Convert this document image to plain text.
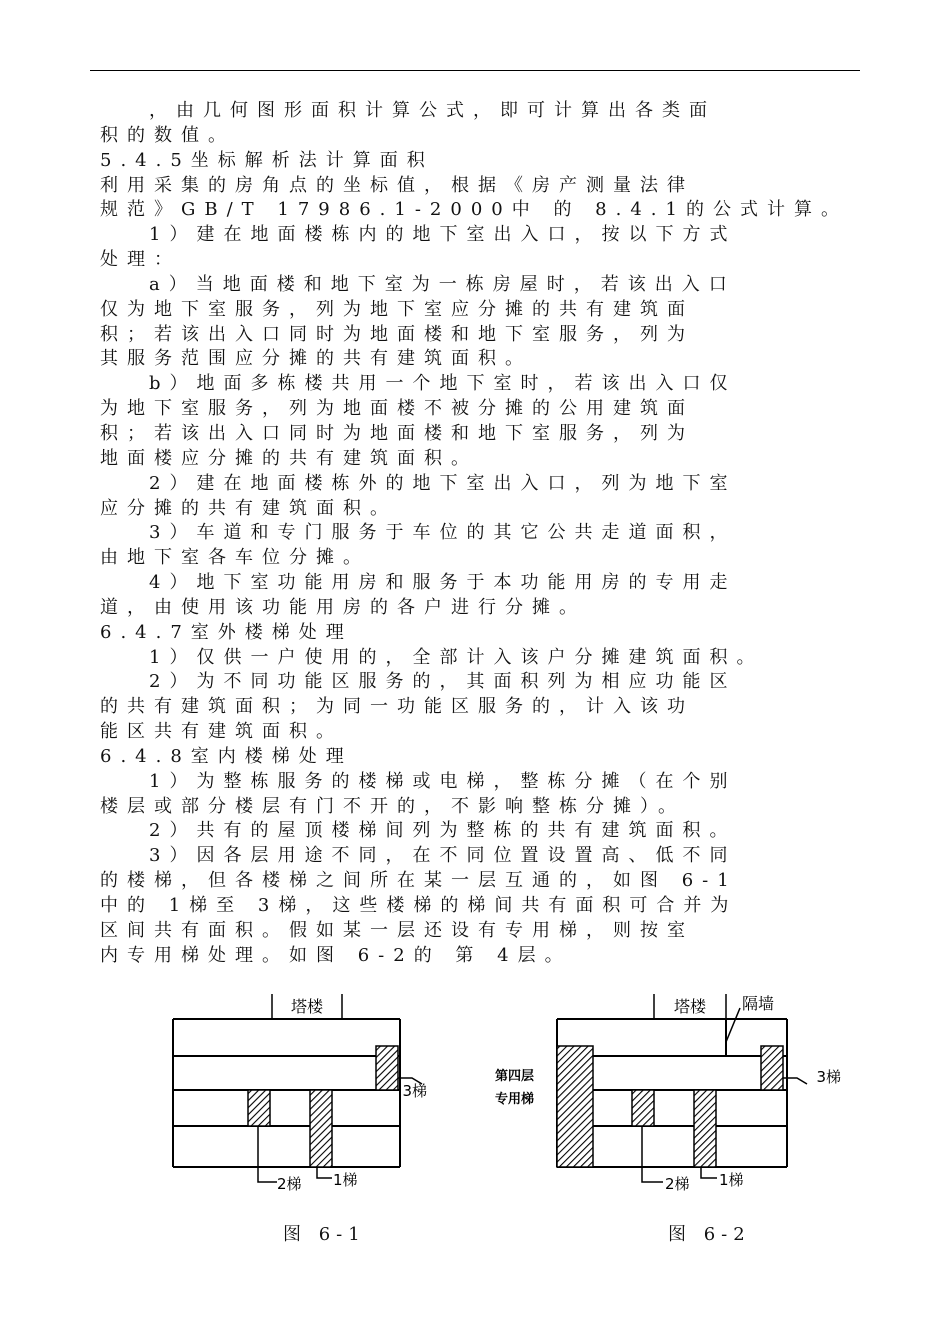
，由几何图形面积计算公式，即可计算出各类面
积的数值。
5.4.5坐标解析法计算面积
利用采集的房角点的坐标值，根据《房产测量法律
规范》GB/T 17986.1-2000中 的 8.4.1的公式计算。
1）建在地面楼栋内的地下室出入口，按以下方式
处理：
a）当地面楼和地下室为一栋房屋时，若该出入口
仅为地下室服务，列为地下室应分摊的共有建筑面
积；若该出入口同时为地面楼和地下室服务，列为
其服务范围应分摊的共有建筑面积。
b）地面多栋楼共用一个地下室时，若该出入口仅
为地下室服务，列为地面楼不被分摊的公用建筑面
积；若该出入口同时为地面楼和地下室服务，列为
地面楼应分摊的共有建筑面积。
2）建在地面楼栋外的地下室出入口，列为地下室
应分摊的共有建筑面积。
3）车道和专门服务于车位的其它公共走道面积，
由地下室各车位分摊。
4）地下室功能用房和服务于本功能用房的专用走
道，由使用该功能用房的各户进行分摊。
6.4.7室外楼梯处理
1）仅供一户使用的，全部计入该户分摊建筑面积。
2）为不同功能区服务的，其面积列为相应功能区
的共有建筑面积；为同一功能区服务的，计入该功
能区共有建筑面积。
6.4.8室内楼梯处理
1）为整栋服务的楼梯或电梯，整栋分摊（在个别
楼层或部分楼层有门不开的，不影响整栋分摊）。
2）共有的屋顶楼梯间列为整栋的共有建筑面积。
3）因各层用途不同，在不同位置设置高、低不同
的楼梯，但各楼梯之间所在某一层互通的，如图 6-1
中的 1梯至 3梯，这些楼梯的梯间共有面积可合并为
区间共有面积。假如某一层还设有专用梯，则按室
内专用梯处理。如图 6-2的 第 4层。
塔楼
3梯
2梯 1梯
塔楼 隔墙
第四层
专用梯
3梯
2梯 1梯
图 6-1	图 6-2
